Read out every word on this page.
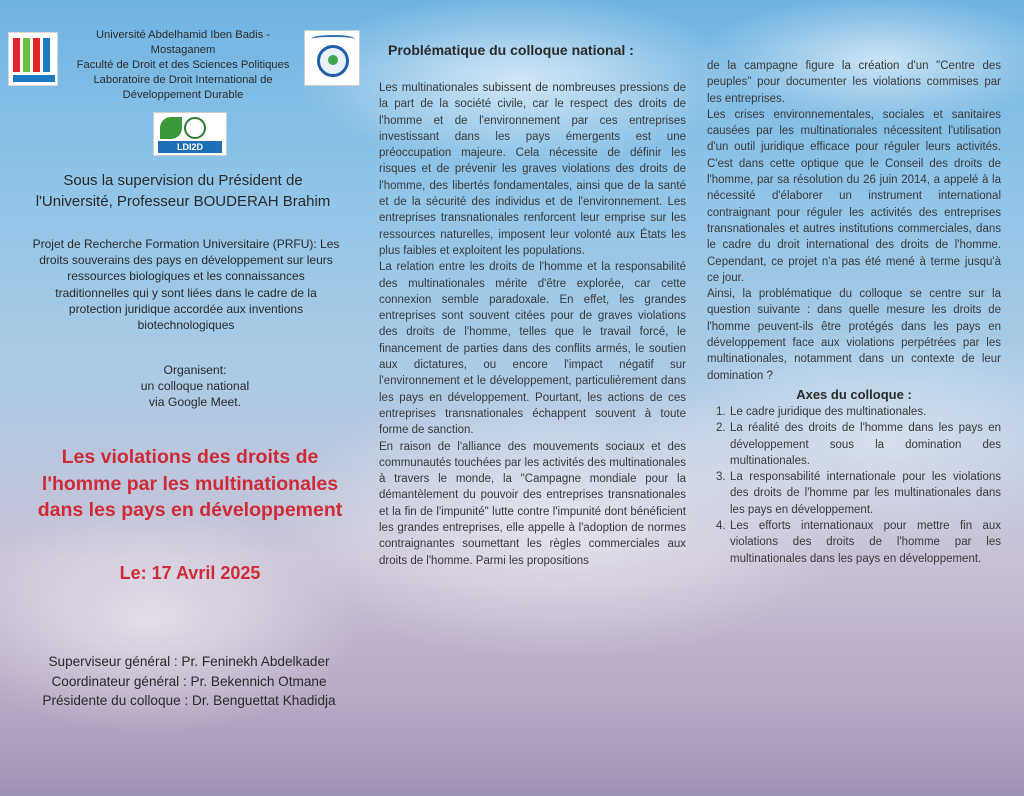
Université Abdelhamid Iben Badis -
Mostaganem
Faculté de Droit et des Sciences Politiques
Laboratoire de Droit International de
Développement Durable
LDI2D
Sous la supervision du Président de
l'Université, Professeur BOUDERAH Brahim
Projet de Recherche Formation Universitaire (PRFU): Les
droits souverains des pays en développement sur leurs
ressources biologiques et les connaissances
traditionnelles qui y sont liées dans le cadre de la
protection juridique accordée aux inventions
biotechnologiques
Organisent:
un colloque national
via Google Meet.
Les violations des droits de
l'homme par les multinationales
dans les pays en développement
Le: 17 Avril 2025
Superviseur général : Pr. Feninekh Abdelkader
Coordinateur général : Pr. Bekennich Otmane
Présidente du colloque : Dr. Benguettat Khadidja
Problématique du colloque national :

Les multinationales subissent de nombreuses pressions de la part de la société civile, car le respect des droits de l'homme et de l'environnement par ces entreprises investissant dans les pays émergents est une préoccupation majeure. Cela nécessite de définir les risques et de prévenir les graves violations des droits de l'homme, des libertés fondamentales, ainsi que de la santé et de la sécurité des individus et de l'environnement. Les entreprises transnationales renforcent leur emprise sur les ressources naturelles, imposent leur volonté aux États les plus faibles et exploitent les populations.

La relation entre les droits de l'homme et la responsabilité des multinationales mérite d'être explorée, car cette connexion semble paradoxale. En effet, les grandes entreprises sont souvent citées pour de graves violations des droits de l'homme, telles que le travail forcé, le financement de parties dans des conflits armés, le soutien aux dictatures, ou encore l'impact négatif sur l'environnement et le développement, particulièrement dans les pays en développement. Pourtant, les actions de ces entreprises transnationales échappent souvent à toute forme de sanction.

En raison de l'alliance des mouvements sociaux et des communautés touchées par les activités des multinationales à travers le monde, la "Campagne mondiale pour la démantèlement du pouvoir des entreprises transnationales et la fin de l'impunité" lutte contre l'impunité dont bénéficient les grandes entreprises, elle appelle à l'adoption de normes contraignantes soumettant les règles commerciales aux droits de l'homme. Parmi les propositions

de la campagne figure la création d'un "Centre des peuples" pour documenter les violations commises par les entreprises.

Les crises environnementales, sociales et sanitaires causées par les multinationales nécessitent l'utilisation d'un outil juridique efficace pour réguler leurs activités. C'est dans cette optique que le Conseil des droits de l'homme, par sa résolution du 26 juin 2014, a appelé à la nécessité d'élaborer un instrument international contraignant pour réguler les activités des entreprises transnationales et autres institutions commerciales, dans le cadre du droit international des droits de l'homme. Cependant, ce projet n'a pas été mené à terme jusqu'à ce jour.

Ainsi, la problématique du colloque se centre sur la question suivante : dans quelle mesure les droits de l'homme peuvent-ils être protégés dans les pays en développement face aux violations perpétrées par les multinationales, notamment dans un contexte de leur domination ?

Axes du colloque :
1. Le cadre juridique des multinationales.
2. La réalité des droits de l'homme dans les pays en développement sous la domination des multinationales.
3. La responsabilité internationale pour les violations des droits de l'homme par les multinationales dans les pays en développement.
4. Les efforts internationaux pour mettre fin aux violations des droits de l'homme par les multinationales dans les pays en développement.
